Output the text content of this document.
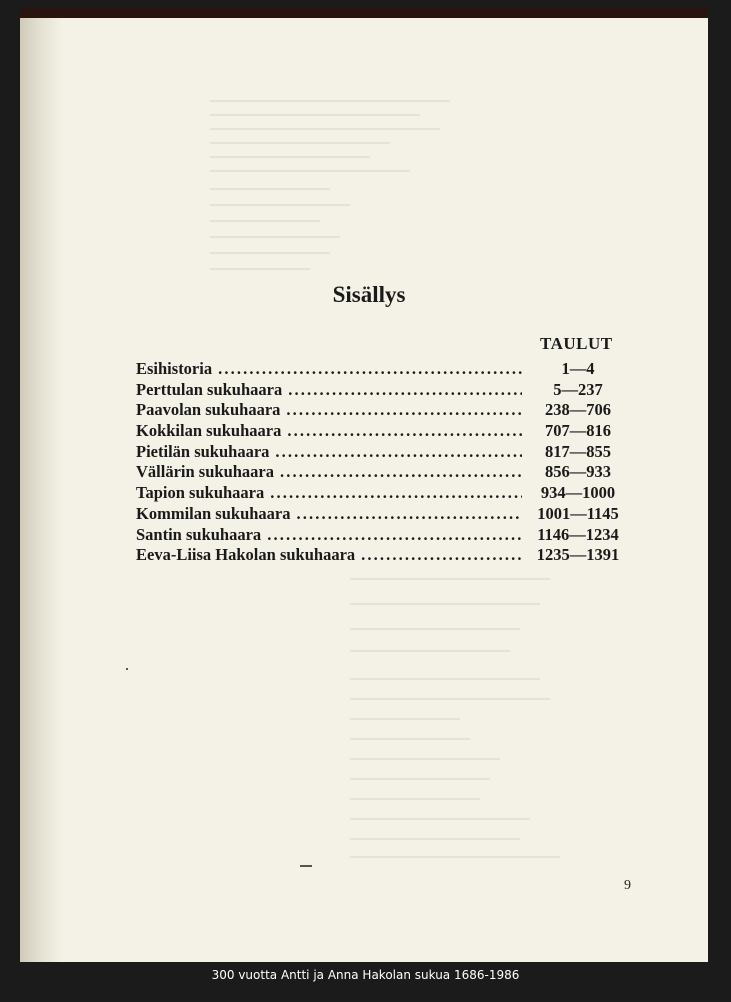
Sisällys
TAULUT
Esihistoria . . .	1—4
Perttulan sukuhaara . . .	5—237
Paavolan sukuhaara . . .	238—706
Kokkilan sukuhaara . . .	707—816
Pietilän sukuhaara . . .	817—855
Vällärin sukuhaara . . .	856—933
Tapion sukuhaara . . .	934—1000
Kommilan sukuhaara . . .	1001—1145
Santin sukuhaara . . .	1146—1234
Eeva-Liisa Hakolan sukuhaara . . .	1235—1391
9
300 vuotta Antti ja Anna Hakolan sukua 1686-1986
